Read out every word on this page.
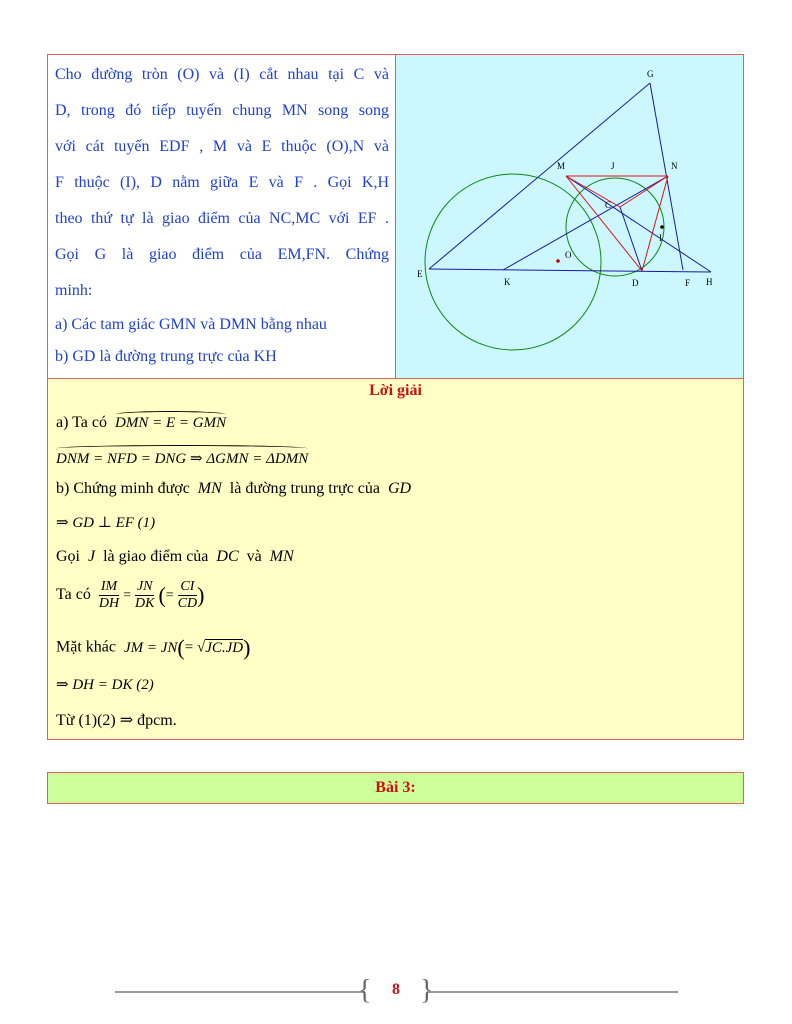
Cho đường tròn (O) và (I) cắt nhau tại C và
D, trong đó tiếp tuyến chung MN song song
với cát tuyến EDF , M và E thuộc (O),N và
F thuộc (I), D nằm giữa E và F . Gọi K,H
theo thứ tự là giao điểm của NC,MC với EF .
Gọi G là giao điểm của EM,FN. Chứng
minh:
a) Các tam giác GMN và DMN bằng nhau
b) GD là đường trung trực của KH
G
M	J	N
C
I
O
E
K	D	F H
Lời giải
a) Ta có DMN = E = GMN
DNM = NFD = DNG ⇒ ΔGMN = ΔDMN
b) Chứng minh được MN là đường trung trực của GD
⇒ GD ⊥ EF (1)
Gọi J là giao điểm của DC và MN
Ta có $\frac{IM}{DH} = \frac{JN}{DK}$ (= $\frac{CI}{CD}$ )
Mặt khác JM = JN(= √JC.JD)
⇒ DH = DK (2)
Từ (1)(2) ⇒ đpcm.
Bài 3:
{	8 }
